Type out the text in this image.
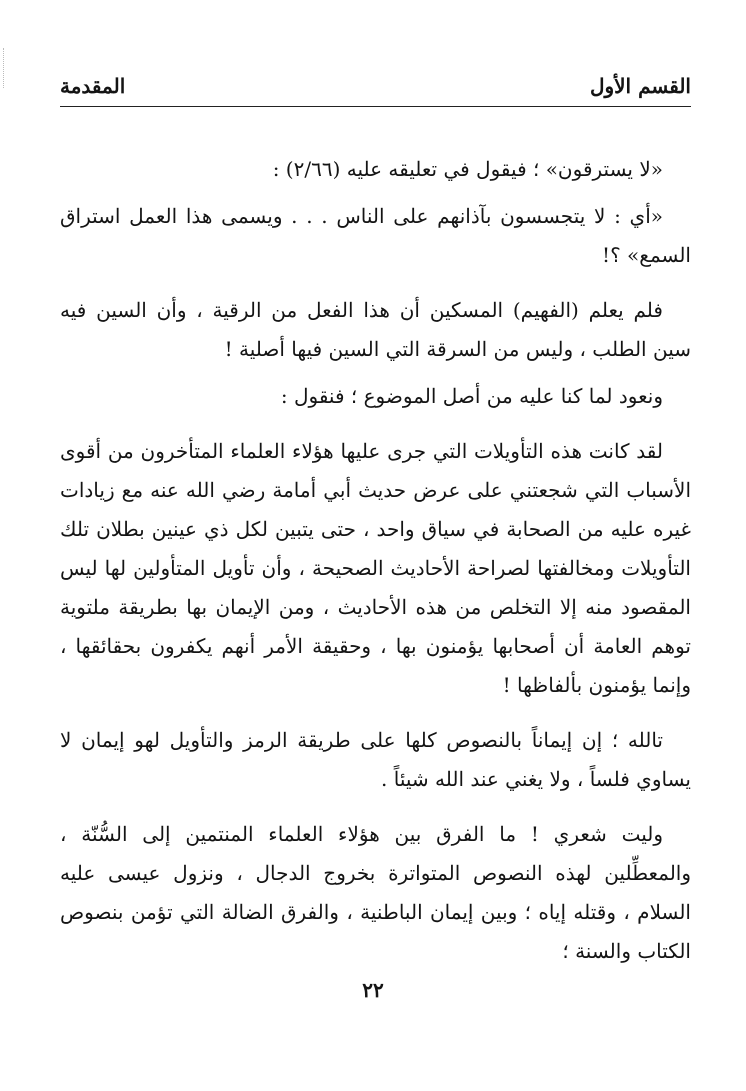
القسم الأول
المقدمة

«لا يسترقون» ؛ فيقول في تعليقه عليه (٢/٦٦) :

«أي : لا يتجسسون بآذانهم على الناس . . . ويسمى هذا العمل استراق السمع» ؟!

فلم يعلم (الفهيم) المسكين أن هذا الفعل من الرقية ، وأن السين فيه سين الطلب ، وليس من السرقة التي السين فيها أصلية !

ونعود لما كنا عليه من أصل الموضوع ؛ فنقول :

لقد كانت هذه التأويلات التي جرى عليها هؤلاء العلماء المتأخرون من أقوى الأسباب التي شجعتني على عرض حديث أبي أمامة رضي الله عنه مع زيادات غيره عليه من الصحابة في سياق واحد ، حتى يتبين لكل ذي عينين بطلان تلك التأويلات ومخالفتها لصراحة الأحاديث الصحيحة ، وأن تأويل المتأولين لها ليس المقصود منه إلا التخلص من هذه الأحاديث ، ومن الإيمان بها بطريقة ملتوية توهم العامة أن أصحابها يؤمنون بها ، وحقيقة الأمر أنهم يكفرون بحقائقها ، وإنما يؤمنون بألفاظها !

تالله ؛ إن إيماناً بالنصوص كلها على طريقة الرمز والتأويل لهو إيمان لا يساوي فلساً ، ولا يغني عند الله شيئاً .

وليت شعري ! ما الفرق بين هؤلاء العلماء المنتمين إلى السُّنّة ، والمعطِّلين لهذه النصوص المتواترة بخروج الدجال ، ونزول عيسى عليه السلام ، وقتله إياه ؛ وبين إيمان الباطنية ، والفرق الضالة التي تؤمن بنصوص الكتاب والسنة ؛

٢٢
